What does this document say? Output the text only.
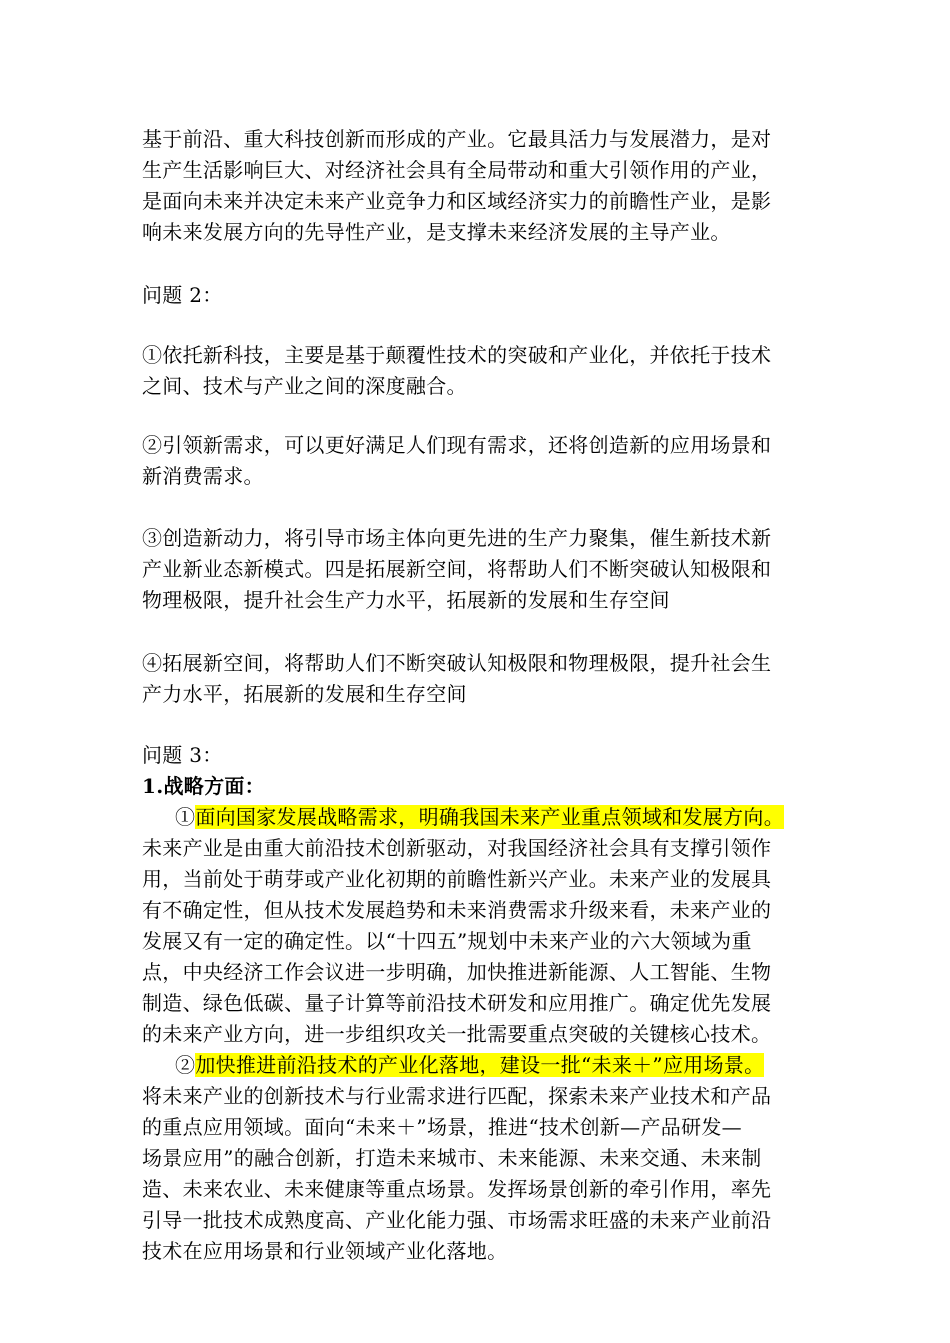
基于前沿、重大科技创新而形成的产业。它最具活力与发展潜力，是对
生产生活影响巨大、对经济社会具有全局带动和重大引领作用的产业，
是面向未来并决定未来产业竞争力和区域经济实力的前瞻性产业，是影
响未来发展方向的先导性产业，是支撑未来经济发展的主导产业。
问题 2：
①依托新科技，主要是基于颠覆性技术的突破和产业化，并依托于技术
之间、技术与产业之间的深度融合。
②引领新需求，可以更好满足人们现有需求，还将创造新的应用场景和
新消费需求。
③创造新动力，将引导市场主体向更先进的生产力聚集，催生新技术新
产业新业态新模式。四是拓展新空间，将帮助人们不断突破认知极限和
物理极限，提升社会生产力水平，拓展新的发展和生存空间
④拓展新空间，将帮助人们不断突破认知极限和物理极限，提升社会生
产力水平，拓展新的发展和生存空间
问题 3：
1.战略方面：
①面向国家发展战略需求，明确我国未来产业重点领域和发展方向。
未来产业是由重大前沿技术创新驱动，对我国经济社会具有支撑引领作
用，当前处于萌芽或产业化初期的前瞻性新兴产业。未来产业的发展具
有不确定性，但从技术发展趋势和未来消费需求升级来看，未来产业的
发展又有一定的确定性。以“十四五”规划中未来产业的六大领域为重
点，中央经济工作会议进一步明确，加快推进新能源、人工智能、生物
制造、绿色低碳、量子计算等前沿技术研发和应用推广。确定优先发展
的未来产业方向，进一步组织攻关一批需要重点突破的关键核心技术。
②加快推进前沿技术的产业化落地，建设一批“未来＋”应用场景。
将未来产业的创新技术与行业需求进行匹配，探索未来产业技术和产品
的重点应用领域。面向“未来＋”场景，推进“技术创新—产品研发—
场景应用”的融合创新，打造未来城市、未来能源、未来交通、未来制
造、未来农业、未来健康等重点场景。发挥场景创新的牵引作用，率先
引导一批技术成熟度高、产业化能力强、市场需求旺盛的未来产业前沿
技术在应用场景和行业领域产业化落地。
